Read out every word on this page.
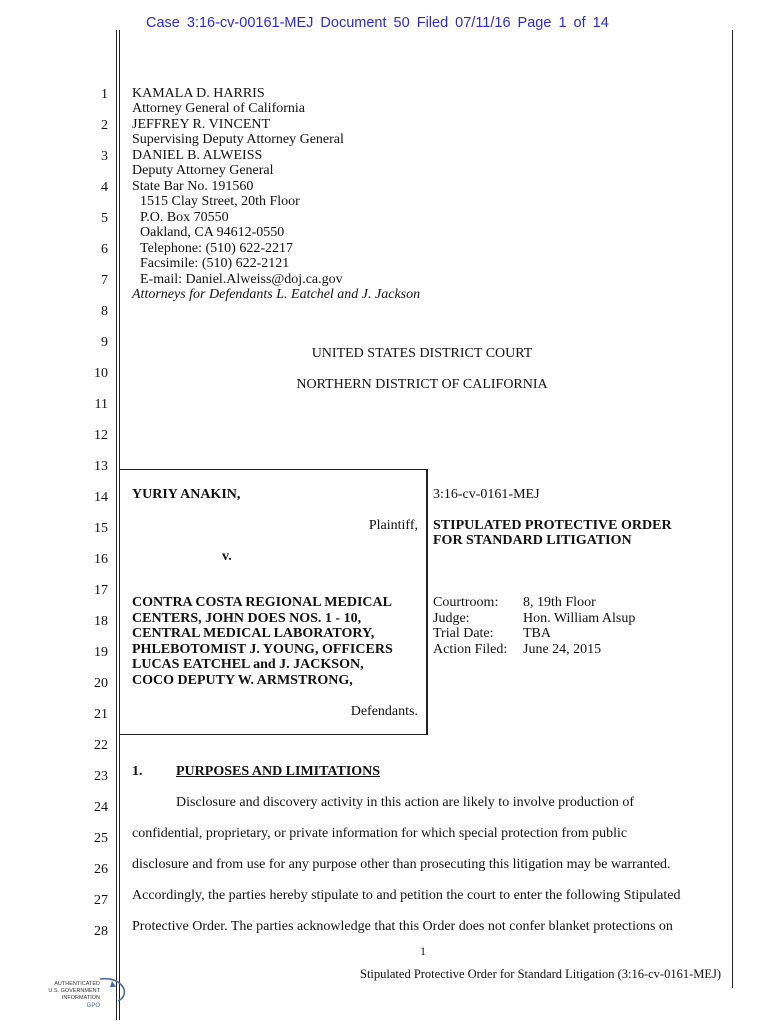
Case 3:16-cv-00161-MEJ Document 50 Filed 07/11/16 Page 1 of 14
1
2
3
4
5
6
7
8
9
10
11
12
13
14
15
16
17
18
19
20
21
22
23
24
25
26
27
28
KAMALA D. HARRIS
Attorney General of California
JEFFREY R. VINCENT
Supervising Deputy Attorney General
DANIEL B. ALWEISS
Deputy Attorney General
State Bar No. 191560
1515 Clay Street, 20th Floor
P.O. Box 70550
Oakland, CA 94612-0550
Telephone: (510) 622-2217
Facsimile: (510) 622-2121
E-mail: Daniel.Alweiss@doj.ca.gov
Attorneys for Defendants L. Eatchel and J. Jackson
UNITED STATES DISTRICT COURT
NORTHERN DISTRICT OF CALIFORNIA
YURIY ANAKIN,
Plaintiff,
v.
CONTRA COSTA REGIONAL MEDICAL
CENTERS, JOHN DOES NOS. 1 - 10,
CENTRAL MEDICAL LABORATORY,
PHLEBOTOMIST J. YOUNG, OFFICERS
LUCAS EATCHEL and J. JACKSON,
COCO DEPUTY W. ARMSTRONG,
Defendants.
3:16-cv-0161-MEJ
STIPULATED PROTECTIVE ORDER
FOR STANDARD LITIGATION
Courtroom: 8, 19th Floor
Judge:	Hon. William Alsup
Trial Date: TBA
Action Filed: June 24, 2015
1. PURPOSES AND LIMITATIONS
Disclosure and discovery activity in this action are likely to involve production of
confidential, proprietary, or private information for which special protection from public
disclosure and from use for any purpose other than prosecuting this litigation may be warranted.
Accordingly, the parties hereby stipulate to and petition the court to enter the following Stipulated
Protective Order. The parties acknowledge that this Order does not confer blanket protections on
1
Stipulated Protective Order for Standard Litigation (3:16-cv-0161-MEJ)
AUTHENTICATED
U.S. GOVERNMENT
INFORMATION
GPO
